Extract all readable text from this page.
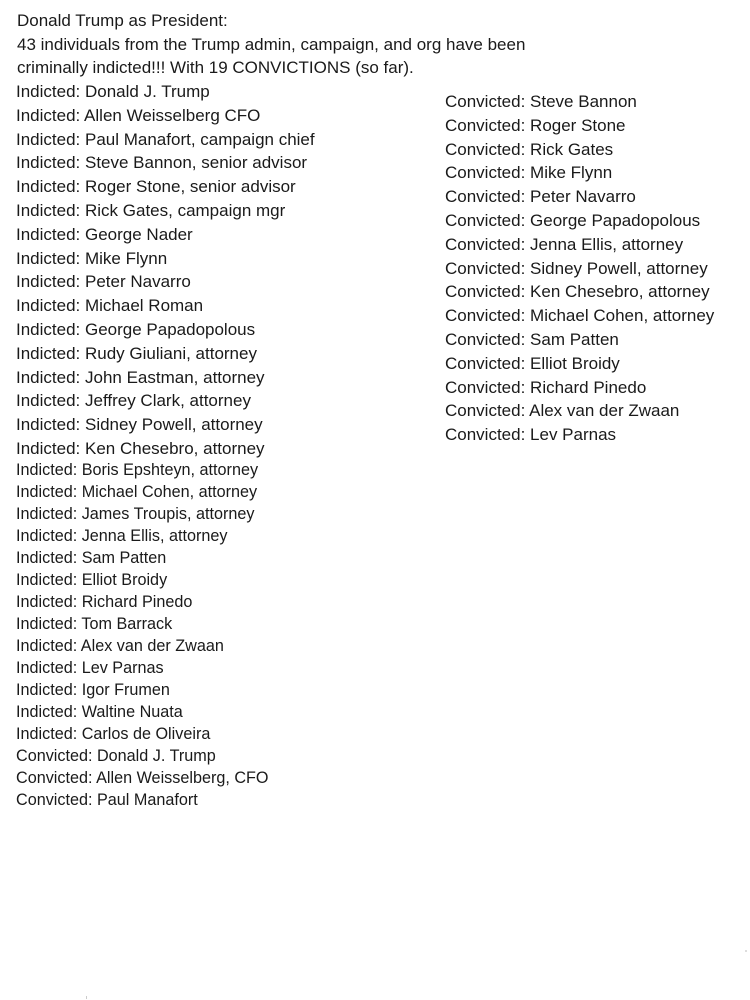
Donald Trump as President:
43 individuals from the Trump admin, campaign, and org have been
criminally indicted!!! With 19 CONVICTIONS (so far).
Indicted: Donald J. Trump
Indicted: Allen Weisselberg CFO
Indicted: Paul Manafort, campaign chief
Indicted: Steve Bannon, senior advisor
Indicted: Roger Stone, senior advisor
Indicted: Rick Gates, campaign mgr
Indicted: George Nader
Indicted: Mike Flynn
Indicted: Peter Navarro
Indicted: Michael Roman
Indicted: George Papadopolous
Indicted: Rudy Giuliani, attorney
Indicted: John Eastman, attorney
Indicted: Jeffrey Clark, attorney
Indicted: Sidney Powell, attorney
Indicted: Ken Chesebro, attorney
Indicted: Boris Epshteyn, attorney
Indicted: Michael Cohen, attorney
Indicted: James Troupis, attorney
Indicted: Jenna Ellis, attorney
Indicted: Sam Patten
Indicted: Elliot Broidy
Indicted: Richard Pinedo
Indicted: Tom Barrack
Indicted: Alex van der Zwaan
Indicted: Lev Parnas
Indicted: Igor Frumen
Indicted: Waltine Nuata
Indicted: Carlos de Oliveira
Convicted: Donald J. Trump
Convicted: Allen Weisselberg, CFO
Convicted: Paul Manafort
Convicted: Steve Bannon
Convicted: Roger Stone
Convicted: Rick Gates
Convicted: Mike Flynn
Convicted: Peter Navarro
Convicted: George Papadopolous
Convicted: Jenna Ellis, attorney
Convicted: Sidney Powell, attorney
Convicted: Ken Chesebro, attorney
Convicted: Michael Cohen, attorney
Convicted: Sam Patten
Convicted: Elliot Broidy
Convicted: Richard Pinedo
Convicted: Alex van der Zwaan
Convicted: Lev Parnas
